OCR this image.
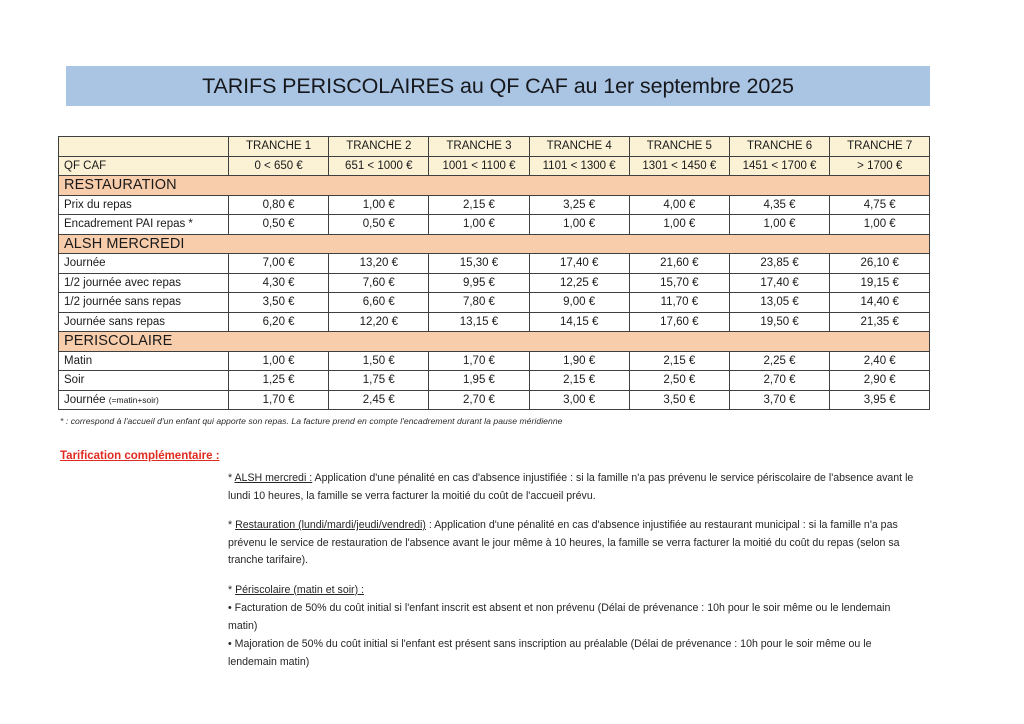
TARIFS PERISCOLAIRES au QF CAF au 1er septembre 2025
	TRANCHE 1	TRANCHE 2	TRANCHE 3	TRANCHE 4	TRANCHE 5	TRANCHE 6	TRANCHE 7
QF CAF	0 < 650 €	651 < 1000 €	1001 < 1100 €	1101 < 1300 €	1301 < 1450 €	1451 < 1700 €	> 1700 €
RESTAURATION							
Prix du repas	0,80 €	1,00 €	2,15 €	3,25 €	4,00 €	4,35 €	4,75 €
Encadrement PAI repas *	0,50 €	0,50 €	1,00 €	1,00 €	1,00 €	1,00 €	1,00 €
ALSH MERCREDI							
Journée	7,00 €	13,20 €	15,30 €	17,40 €	21,60 €	23,85 €	26,10 €
1/2 journée avec repas	4,30 €	7,60 €	9,95 €	12,25 €	15,70 €	17,40 €	19,15 €
1/2 journée sans repas	3,50 €	6,60 €	7,80 €	9,00 €	11,70 €	13,05 €	14,40 €
Journée sans repas	6,20 €	12,20 €	13,15 €	14,15 €	17,60 €	19,50 €	21,35 €
PERISCOLAIRE							
Matin	1,00 €	1,50 €	1,70 €	1,90 €	2,15 €	2,25 €	2,40 €
Soir	1,25 €	1,75 €	1,95 €	2,15 €	2,50 €	2,70 €	2,90 €
Journée (=matin+soir)	1,70 €	2,45 €	2,70 €	3,00 €	3,50 €	3,70 €	3,95 €
* : correspond à l'accueil d'un enfant qui apporte son repas. La facture prend en compte l'encadrement durant la pause méridienne
Tarification complémentaire :

* ALSH mercredi : Application d'une pénalité en cas d'absence injustifiée : si la famille n'a pas prévenu le service périscolaire de l'absence avant le lundi 10 heures, la famille se verra facturer la moitié du coût de l'accueil prévu.

* Restauration (lundi/mardi/jeudi/vendredi) : Application d'une pénalité en cas d'absence injustifiée au restaurant municipal : si la famille n'a pas prévenu le service de restauration de l'absence avant le jour même à 10 heures, la famille se verra facturer la moitié du coût du repas (selon sa tranche tarifaire).

* Périscolaire (matin et soir) :

• Facturation de 50% du coût initial si l'enfant inscrit est absent et non prévenu (Délai de prévenance : 10h pour le soir même ou le lendemain matin)

• Majoration de 50% du coût initial si l'enfant est présent sans inscription au préalable (Délai de prévenance : 10h pour le soir même ou le lendemain matin)
